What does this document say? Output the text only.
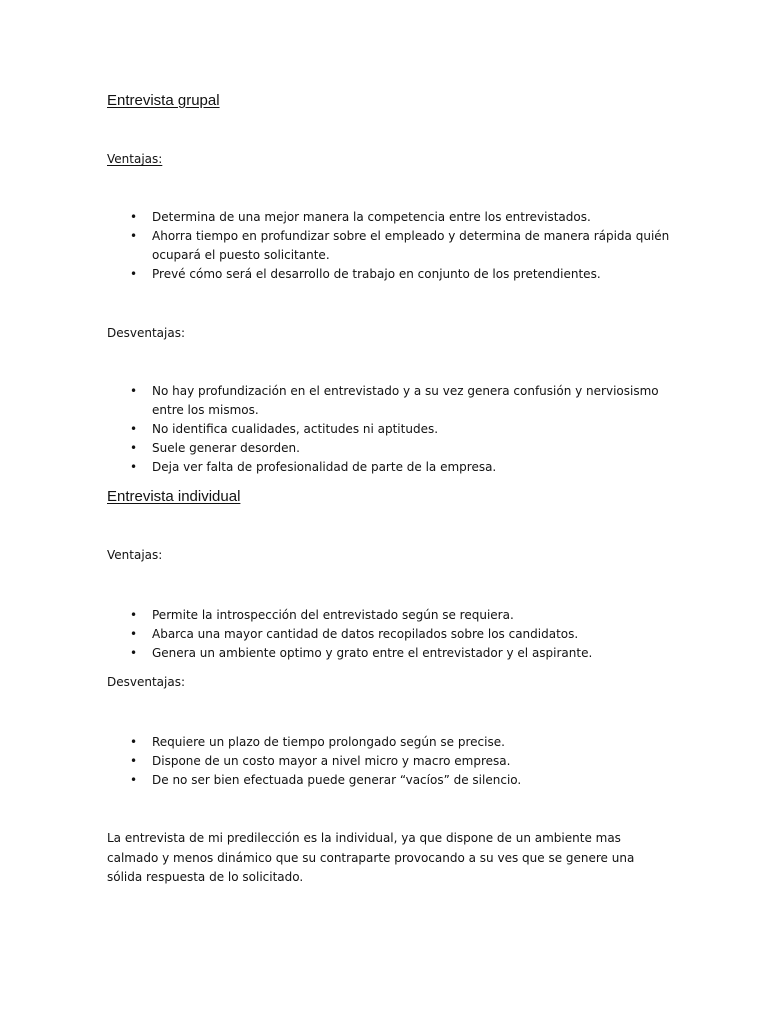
Entrevista grupal
Ventajas:
• Determina de una mejor manera la competencia entre los entrevistados.
• Ahorra tiempo en profundizar sobre el empleado y determina de manera rápida quién ocupará el puesto solicitante.
• Prevé cómo será el desarrollo de trabajo en conjunto de los pretendientes.
Desventajas:
• No hay profundización en el entrevistado y a su vez genera confusión y nerviosismo entre los mismos.
• No identifica cualidades, actitudes ni aptitudes.
• Suele generar desorden.
• Deja ver falta de profesionalidad de parte de la empresa.
Entrevista individual
Ventajas:
• Permite la introspección del entrevistado según se requiera.
• Abarca una mayor cantidad de datos recopilados sobre los candidatos.
• Genera un ambiente optimo y grato entre el entrevistador y el aspirante.
Desventajas:
• Requiere un plazo de tiempo prolongado según se precise.
• Dispone de un costo mayor a nivel micro y macro empresa.
• De no ser bien efectuada puede generar “vacíos” de silencio.

La entrevista de mi predilección es la individual, ya que dispone de un ambiente mas calmado y menos dinámico que su contraparte provocando a su ves que se genere una sólida respuesta de lo solicitado.
